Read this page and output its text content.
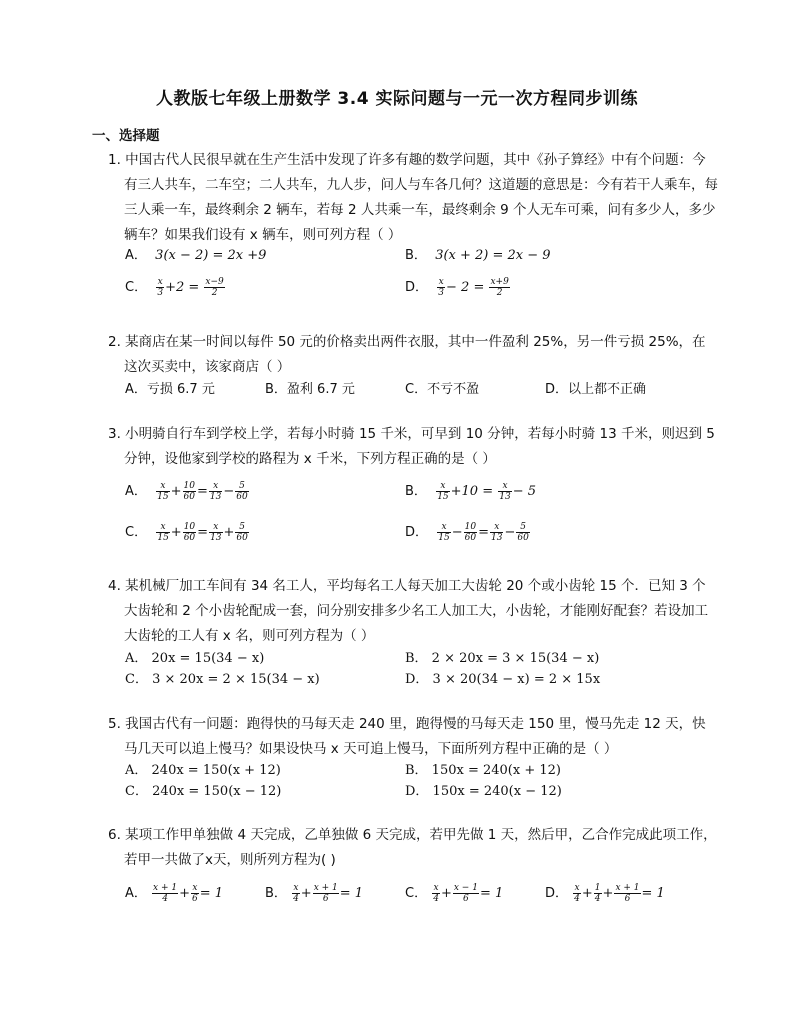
人教版七年级上册数学 3.4 实际问题与一元一次方程同步训练
一、选择题
1. 中国古代人民很早就在生产生活中发现了许多有趣的数学问题，其中《孙子算经》中有个问题：今有三人共车，二车空；二人共车，九人步，问人与车各几何？这道题的意思是：今有若干人乘车，每三人乘一车，最终剩余 2 辆车，若每 2 人共乘一车，最终剩余 9 个人无车可乘，问有多少人，多少辆车？如果我们设有 x 辆车，则可列方程（ ）
A． 3(x − 2) = 2x +9	B． 3(x + 2) = 2x − 9
C． $\frac{x}{3} +2 = \frac{x-9}{2}$	D． $\frac{x}{3} - 2 = \frac{x+9}{2}$
2. 某商店在某一时间以每件 50 元的价格卖出两件衣服，其中一件盈利 25%，另一件亏损 25%，在这次买卖中，该家商店（ ）
A．亏损 6.7 元	B．盈利 6.7 元	C．不亏不盈	D．以上都不正确
3. 小明骑自行车到学校上学，若每小时骑 15 千米，可早到 10 分钟，若每小时骑 13 千米，则迟到 5 分钟，设他家到学校的路程为 x 千米，下列方程正确的是（ ）
A． $\frac{x}{15} + \frac{10}{60} = \frac{x}{13} - \frac{5}{60}$	B． $\frac{x}{15} +10 = \frac{x}{13} - 5$
C． $\frac{x}{15} + \frac{10}{60} = \frac{x}{13} + \frac{5}{60}$	D． $\frac{x}{15} - \frac{10}{60} = \frac{x}{13} - \frac{5}{60}$
4. 某机械厂加工车间有 34 名工人，平均每名工人每天加工大齿轮 20 个或小齿轮 15 个．已知 3 个大齿轮和 2 个小齿轮配成一套，问分别安排多少名工人加工大，小齿轮，才能刚好配套？若设加工大齿轮的工人有 x 名，则可列方程为（ ）
A． 20x = 15(34 − x)	B． 2 × 20x = 3 × 15(34 − x)
C． 3 × 20x = 2 × 15(34 − x)	D． 3 × 20(34 − x) = 2 × 15x
5. 我国古代有一问题：跑得快的马每天走 240 里，跑得慢的马每天走 150 里，慢马先走 12 天，快马几天可以追上慢马？如果设快马 x 天可追上慢马，下面所列方程中正确的是（ ）
A． 240x = 150(x + 12)	B． 150x = 240(x + 12)
C． 240x = 150(x − 12)	D． 150x = 240(x − 12)
6. 某项工作甲单独做 4 天完成，乙单独做 6 天完成，若甲先做 1 天，然后甲，乙合作完成此项工作，若甲一共做了x天，则所列方程为( )
A． $\frac{x + 1}{4} + \frac{x}{6} = 1$	B． $\frac{x}{4} + \frac{x + 1}{6} = 1$	C． $\frac{x}{4} + \frac{x - 1}{6} = 1$	D． $\frac{x}{4} + \frac{1}{4} + \frac{x + 1}{6} = 1$
